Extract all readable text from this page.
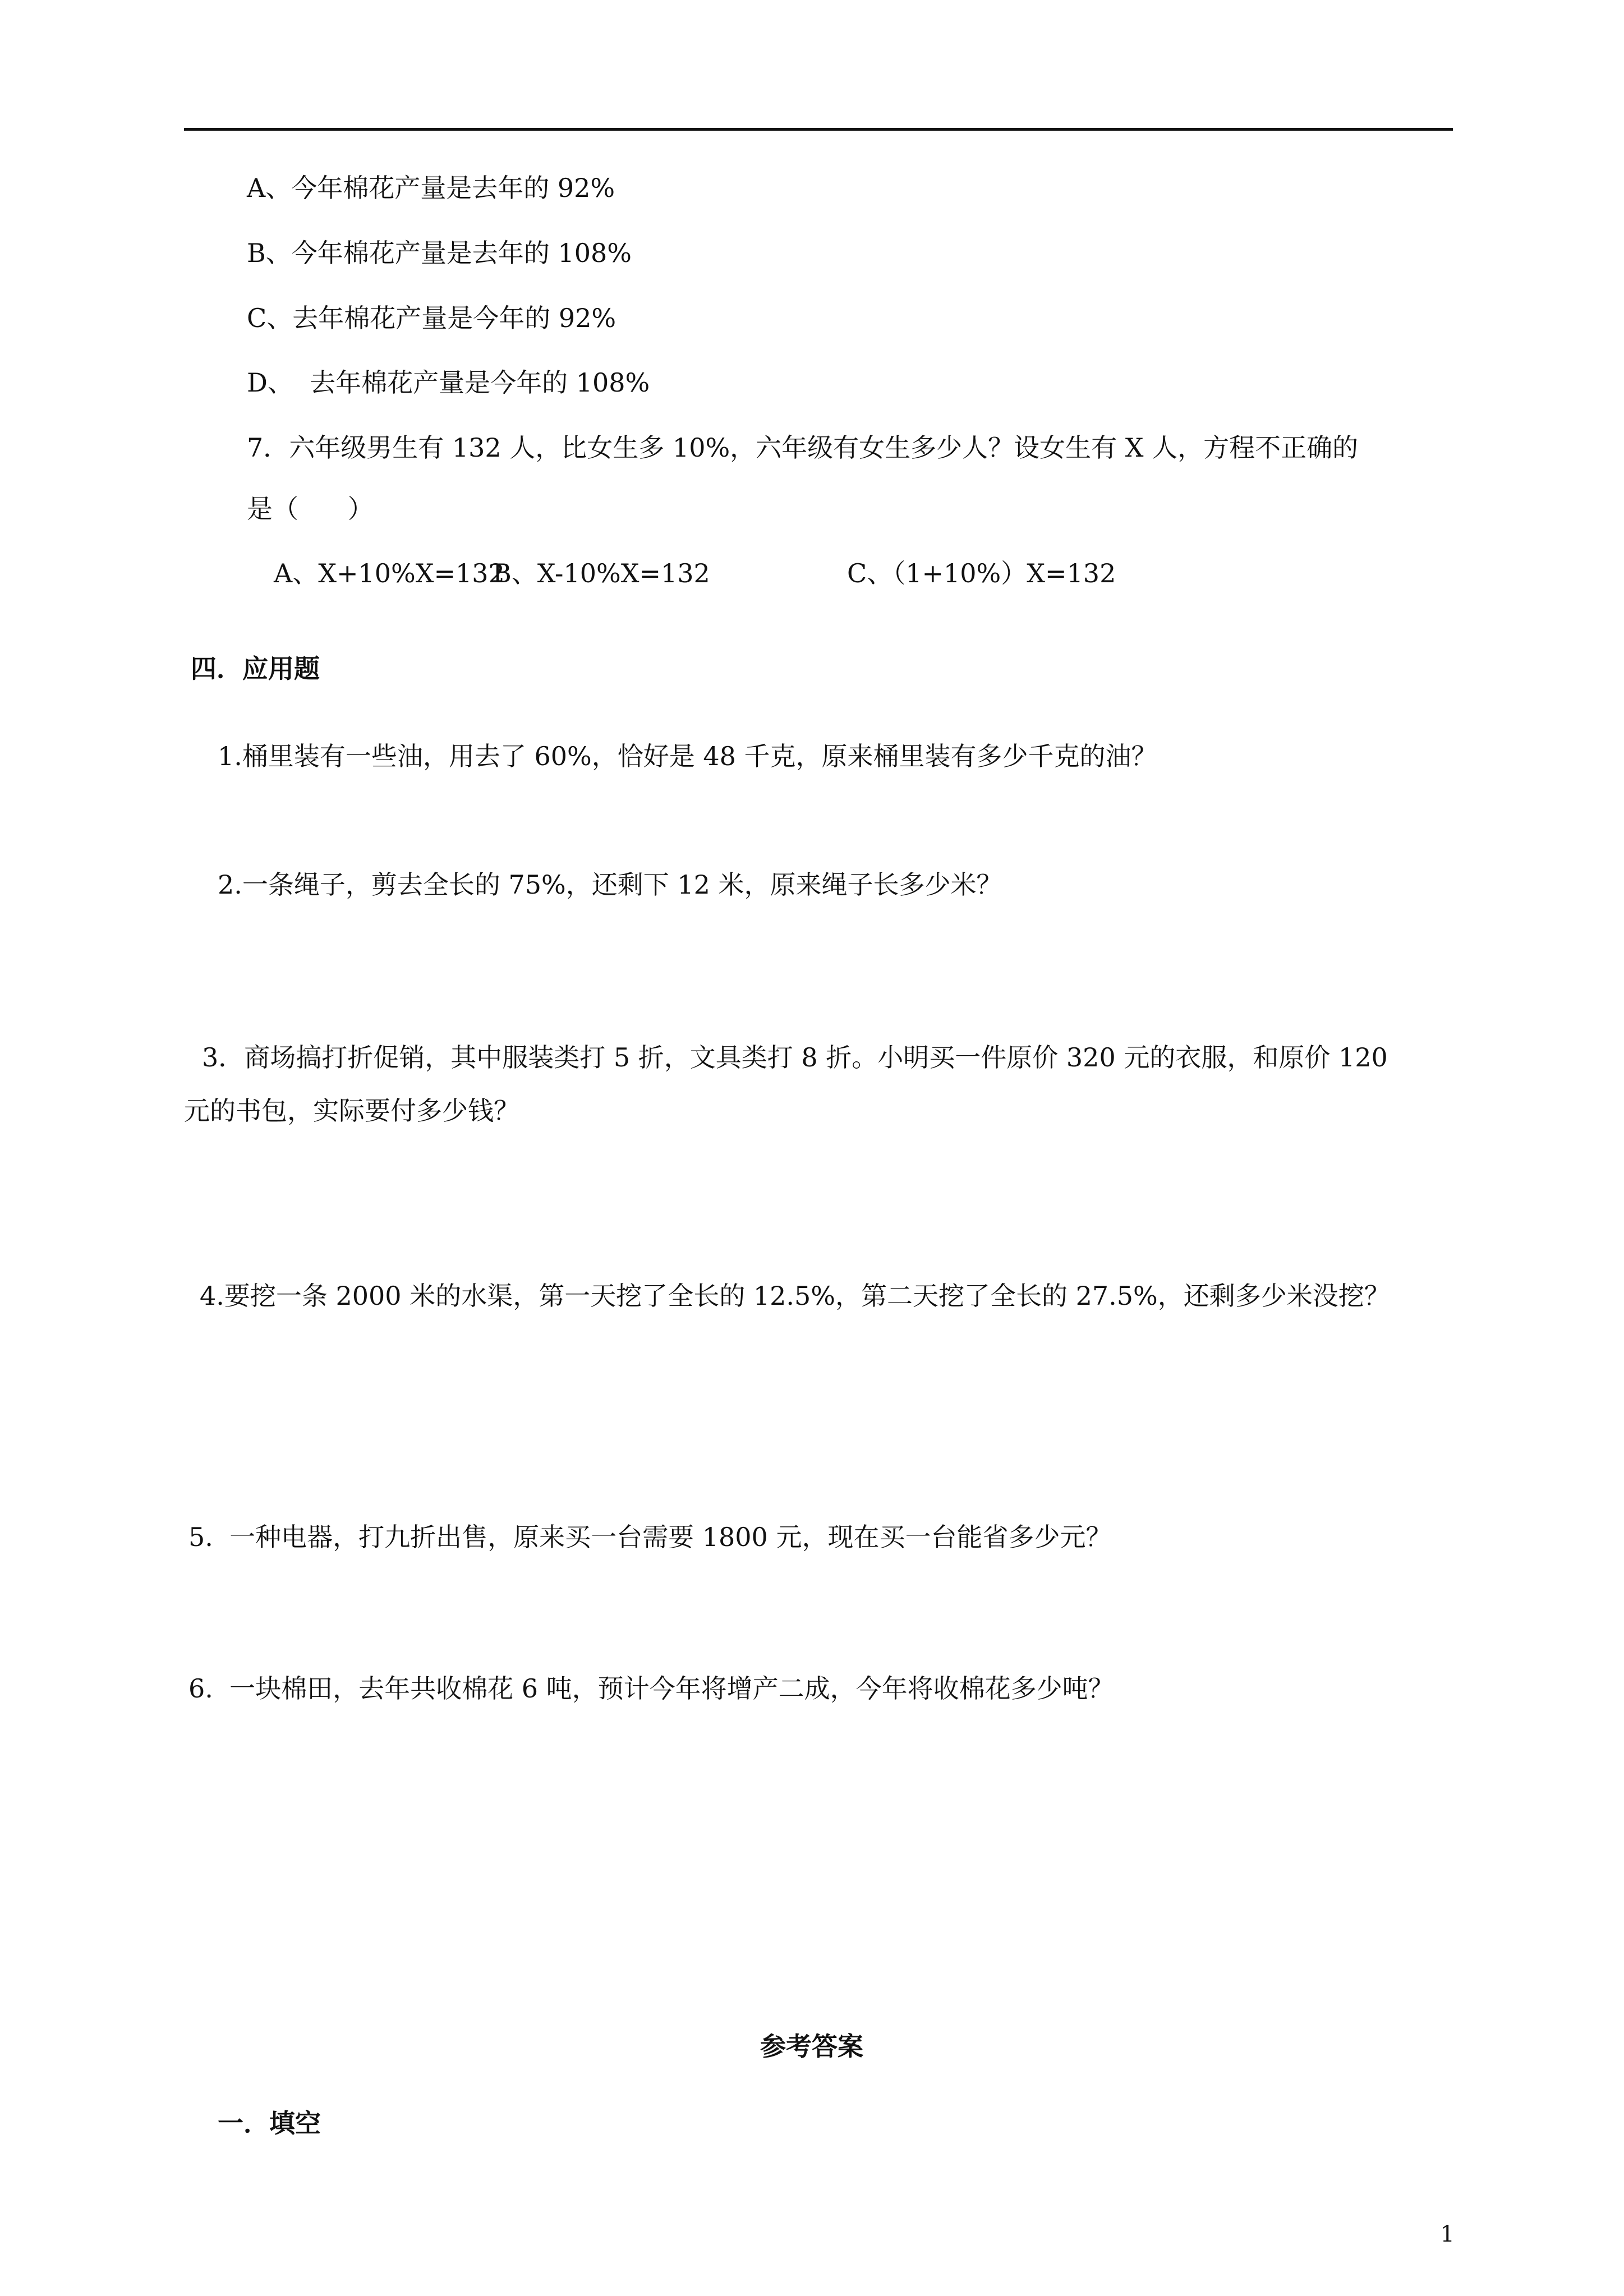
A、今年棉花产量是去年的 92%
B、今年棉花产量是去年的 108%
C、去年棉花产量是今年的 92%
D、  去年棉花产量是今年的 108%
7．六年级男生有 132 人，比女生多 10%，六年级有女生多少人？设女生有 X 人，方程不正确的
是（      ）
A、X+10%X=132
B、X-10%X=132	C、（1+10%）X=132
四．应用题
1.桶里装有一些油，用去了 60%，恰好是 48 千克，原来桶里装有多少千克的油？
2.一条绳子，剪去全长的 75%，还剩下 12 米，原来绳子长多少米？
3．商场搞打折促销，其中服装类打 5 折，文具类打 8 折。小明买一件原价 320 元的衣服，和原价 120
元的书包，实际要付多少钱？
4.要挖一条 2000 米的水渠，第一天挖了全长的 12.5%，第二天挖了全长的 27.5%，还剩多少米没挖？
5.  一种电器，打九折出售，原来买一台需要 1800 元，现在买一台能省多少元？
6.  一块棉田，去年共收棉花 6 吨，预计今年将增产二成，今年将收棉花多少吨？
参考答案
一．填空
1
